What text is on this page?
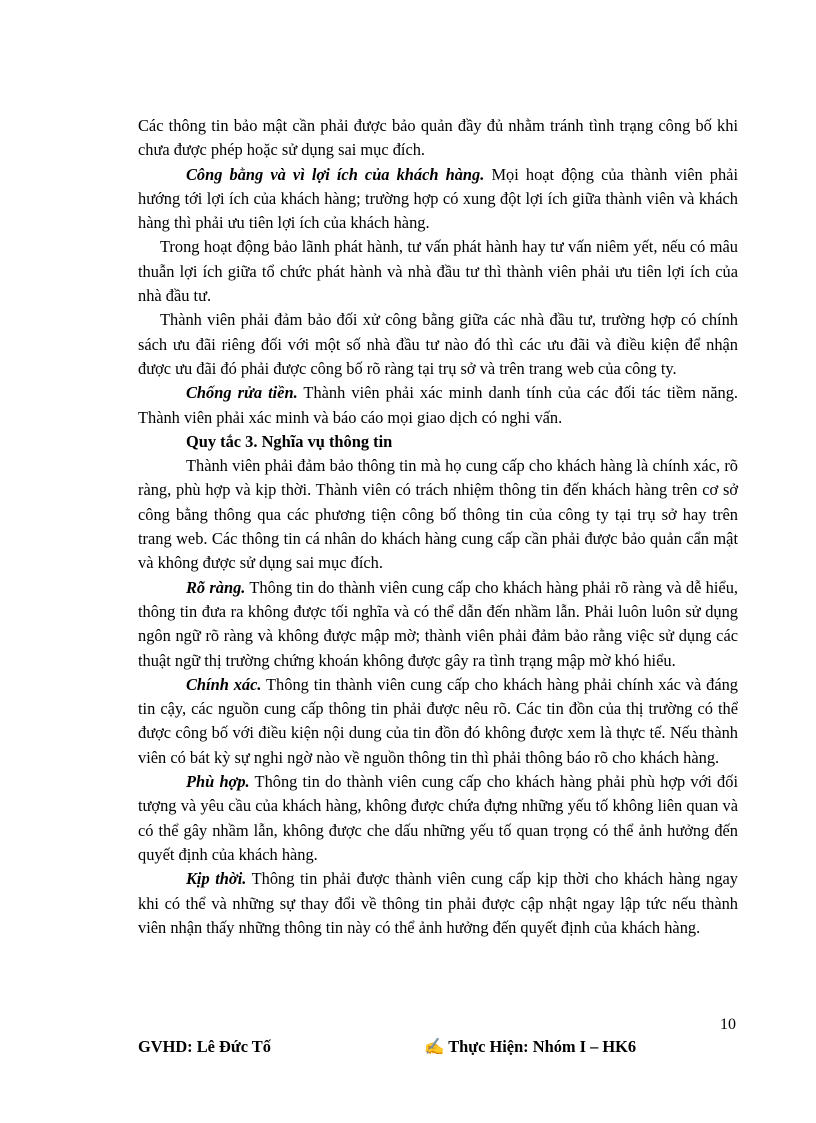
Các thông tin bảo mật cần phải được bảo quản đầy đủ nhằm tránh tình trạng công bố khi chưa được phép hoặc sử dụng sai mục đích.

Công bằng và vì lợi ích của khách hàng. Mọi hoạt động của thành viên phải hướng tới lợi ích của khách hàng; trường hợp có xung đột lợi ích giữa thành viên và khách hàng thì phải ưu tiên lợi ích của khách hàng.

Trong hoạt động bảo lãnh phát hành, tư vấn phát hành hay tư vấn niêm yết, nếu có mâu thuẫn lợi ích giữa tổ chức phát hành và nhà đầu tư thì thành viên phải ưu tiên lợi ích của nhà đầu tư.

Thành viên phải đảm bảo đối xử công bằng giữa các nhà đầu tư, trường hợp có chính sách ưu đãi riêng đối với một số nhà đầu tư nào đó thì các ưu đãi và điều kiện để nhận được ưu đãi đó phải được công bố rõ ràng tại trụ sở và trên trang web của công ty.

Chống rửa tiền. Thành viên phải xác minh danh tính của các đối tác tiềm năng. Thành viên phải xác minh và báo cáo mọi giao dịch có nghi vấn.

Quy tắc 3. Nghĩa vụ thông tin

Thành viên phải đảm bảo thông tin mà họ cung cấp cho khách hàng là chính xác, rõ ràng, phù hợp và kịp thời. Thành viên có trách nhiệm thông tin đến khách hàng trên cơ sở công bằng thông qua các phương tiện công bố thông tin của công ty tại trụ sở hay trên trang web. Các thông tin cá nhân do khách hàng cung cấp cần phải được bảo quản cẩn mật và không được sử dụng sai mục đích.

Rõ ràng. Thông tin do thành viên cung cấp cho khách hàng phải rõ ràng và dễ hiểu, thông tin đưa ra không được tối nghĩa và có thể dẫn đến nhầm lẫn. Phải luôn luôn sử dụng ngôn ngữ rõ ràng và không được mập mờ; thành viên phải đảm bảo rằng việc sử dụng các thuật ngữ thị trường chứng khoán không được gây ra tình trạng mập mờ khó hiểu.

Chính xác. Thông tin thành viên cung cấp cho khách hàng phải chính xác và đáng tin cậy, các nguồn cung cấp thông tin phải được nêu rõ. Các tin đồn của thị trường có thể được công bố với điều kiện nội dung của tin đồn đó không được xem là thực tế. Nếu thành viên có bát kỳ sự nghi ngờ nào về nguồn thông tin thì phải thông báo rõ cho khách hàng.

Phù hợp. Thông tin do thành viên cung cấp cho khách hàng phải phù hợp với đối tượng và yêu cầu của khách hàng, không được chứa đựng những yếu tố không liên quan và có thể gây nhầm lẫn, không được che dấu những yếu tố quan trọng có thể ảnh hưởng đến quyết định của khách hàng.

Kịp thời. Thông tin phải được thành viên cung cấp kịp thời cho khách hàng ngay khi có thể và những sự thay đổi về thông tin phải được cập nhật ngay lập tức nếu thành viên nhận thấy những thông tin này có thể ảnh hưởng đến quyết định của khách hàng.

10
GVHD: Lê Đức Tố	✍ Thực Hiện: Nhóm I – HK6
